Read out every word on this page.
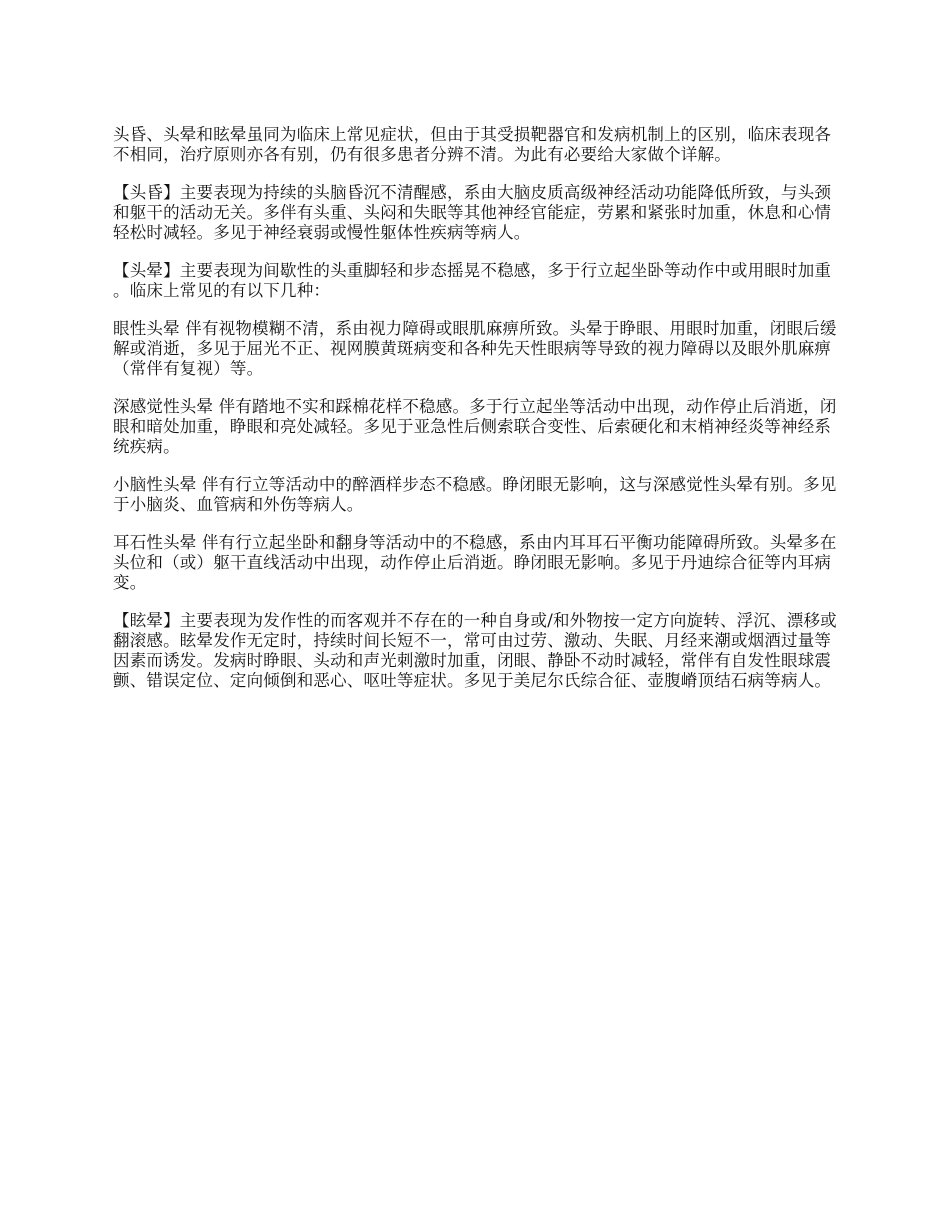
头昏、头晕和眩晕虽同为临床上常见症状，但由于其受损靶器官和发病机制上的区别，临床表现各不相同，治疗原则亦各有别，仍有很多患者分辨不清。为此有必要给大家做个详解。

【头昏】主要表现为持续的头脑昏沉不清醒感，系由大脑皮质高级神经活动功能降低所致，与头颈和躯干的活动无关。多伴有头重、头闷和失眠等其他神经官能症，劳累和紧张时加重，休息和心情轻松时减轻。多见于神经衰弱或慢性躯体性疾病等病人。

【头晕】主要表现为间歇性的头重脚轻和步态摇晃不稳感，多于行立起坐卧等动作中或用眼时加重。临床上常见的有以下几种：

眼性头晕 伴有视物模糊不清，系由视力障碍或眼肌麻痹所致。头晕于睁眼、用眼时加重，闭眼后缓解或消逝，多见于屈光不正、视网膜黄斑病变和各种先天性眼病等导致的视力障碍以及眼外肌麻痹（常伴有复视）等。

深感觉性头晕 伴有踏地不实和踩棉花样不稳感。多于行立起坐等活动中出现，动作停止后消逝，闭眼和暗处加重，睁眼和亮处减轻。多见于亚急性后侧索联合变性、后索硬化和末梢神经炎等神经系统疾病。

小脑性头晕 伴有行立等活动中的醉酒样步态不稳感。睁闭眼无影响，这与深感觉性头晕有别。多见于小脑炎、血管病和外伤等病人。

耳石性头晕 伴有行立起坐卧和翻身等活动中的不稳感，系由内耳耳石平衡功能障碍所致。头晕多在头位和（或）躯干直线活动中出现，动作停止后消逝。睁闭眼无影响。多见于丹迪综合征等内耳病变。

【眩晕】主要表现为发作性的而客观并不存在的一种自身或/和外物按一定方向旋转、浮沉、漂移或翻滚感。眩晕发作无定时，持续时间长短不一，常可由过劳、激动、失眠、月经来潮或烟酒过量等因素而诱发。发病时睁眼、头动和声光刺激时加重，闭眼、静卧不动时减轻，常伴有自发性眼球震颤、错误定位、定向倾倒和恶心、呕吐等症状。多见于美尼尔氏综合征、壶腹嵴顶结石病等病人。
